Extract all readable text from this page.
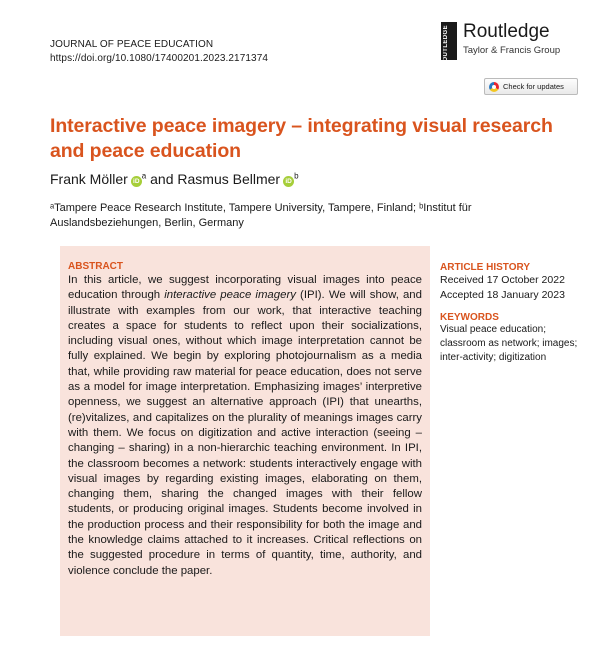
JOURNAL OF PEACE EDUCATION
https://doi.org/10.1080/17400201.2023.2171374	ROUTLEDGE Routledge
Taylor & Francis Group
Check for updates
Interactive peace imagery – integrating visual research and peace education
Frank Möller $iD^a$ and Rasmus Bellmer $iD^b$
ᵃTampere Peace Research Institute, Tampere University, Tampere, Finland; ᵇInstitut für Auslandsbeziehungen, Berlin, Germany
ABSTRACT
In this article, we suggest incorporating visual images into peace education through interactive peace imagery (IPI). We will show, and illustrate with examples from our work, that interactive teaching creates a space for students to reflect upon their socializations, including visual ones, without which image interpretation cannot be fully explained. We begin by exploring photojournalism as a media that, while providing raw material for peace education, does not serve as a model for image interpretation. Emphasizing images’ interpretive openness, we suggest an alternative approach (IPI) that unearths, (re)vitalizes, and capitalizes on the plurality of meanings images carry with them. We focus on digitization and active interaction (seeing – changing – sharing) in a non-hierarchic teaching environment. In IPI, the classroom becomes a network: students interactively engage with visual images by regarding existing images, elaborating on them, changing them, sharing the changed images with their fellow students, or producing original images. Students become involved in the production process and their responsibility for both the image and the knowledge claims attached to it increases. Critical reflections on the suggested procedure in terms of quantity, time, authority, and violence conclude the paper.
ARTICLE HISTORY
Received 17 October 2022
Accepted 18 January 2023
KEYWORDS
Visual peace education; classroom as network; images; inter-activity; digitization
